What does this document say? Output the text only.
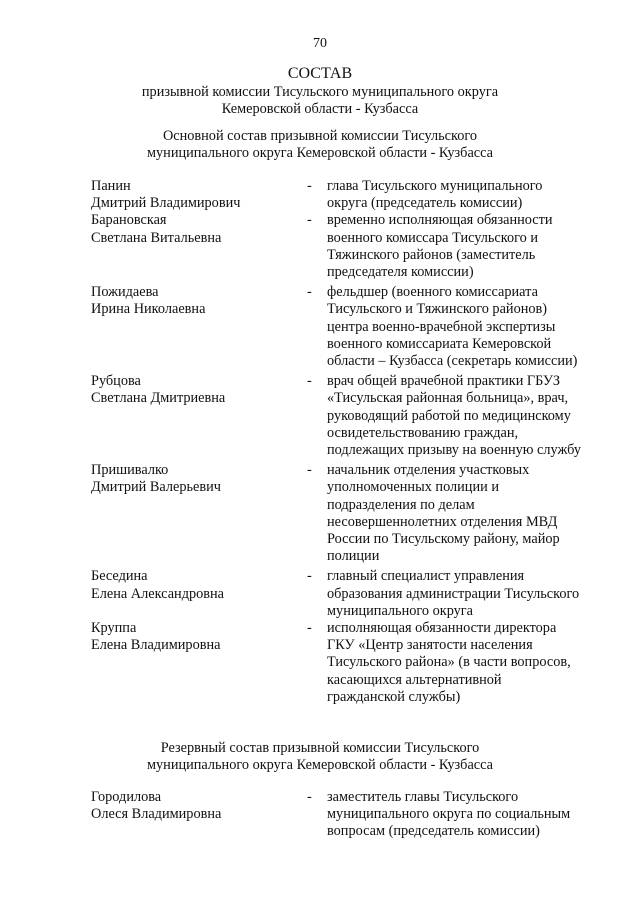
70
СОСТАВ
призывной комиссии Тисульского муниципального округа
Кемеровской области - Кузбасса
Основной состав призывной комиссии Тисульского
муниципального округа Кемеровской области - Кузбасса
Панин
Дмитрий Владимирович
- глава Тисульского муниципального округа (председатель комиссии)
Барановская
Светлана Витальевна
- временно исполняющая обязанности военного комиссара Тисульского и Тяжинского районов (заместитель председателя комиссии)
Пожидаева
Ирина Николаевна
- фельдшер (военного комиссариата Тисульского и Тяжинского районов) центра военно-врачебной экспертизы военного комиссариата Кемеровской области – Кузбасса (секретарь комиссии)
Рубцова
Светлана Дмитриевна
- врач общей врачебной практики ГБУЗ «Тисульская районная больница», врач, руководящий работой по медицинскому освидетельствованию граждан, подлежащих призыву на военную службу
Пришивалко
Дмитрий Валерьевич
- начальник отделения участковых уполномоченных полиции и подразделения по делам несовершеннолетних отделения МВД России по Тисульскому району, майор полиции
Беседина
Елена Александровна
- главный специалист управления образования администрации Тисульского муниципального округа
Круппа
Елена Владимировна
- исполняющая обязанности директора ГКУ «Центр занятости населения Тисульского района» (в части вопросов, касающихся альтернативной гражданской службы)
Резервный состав призывной комиссии Тисульского
муниципального округа Кемеровской области - Кузбасса
Городилова
Олеся Владимировна
- заместитель главы Тисульского муниципального округа по социальным вопросам (председатель комиссии)
